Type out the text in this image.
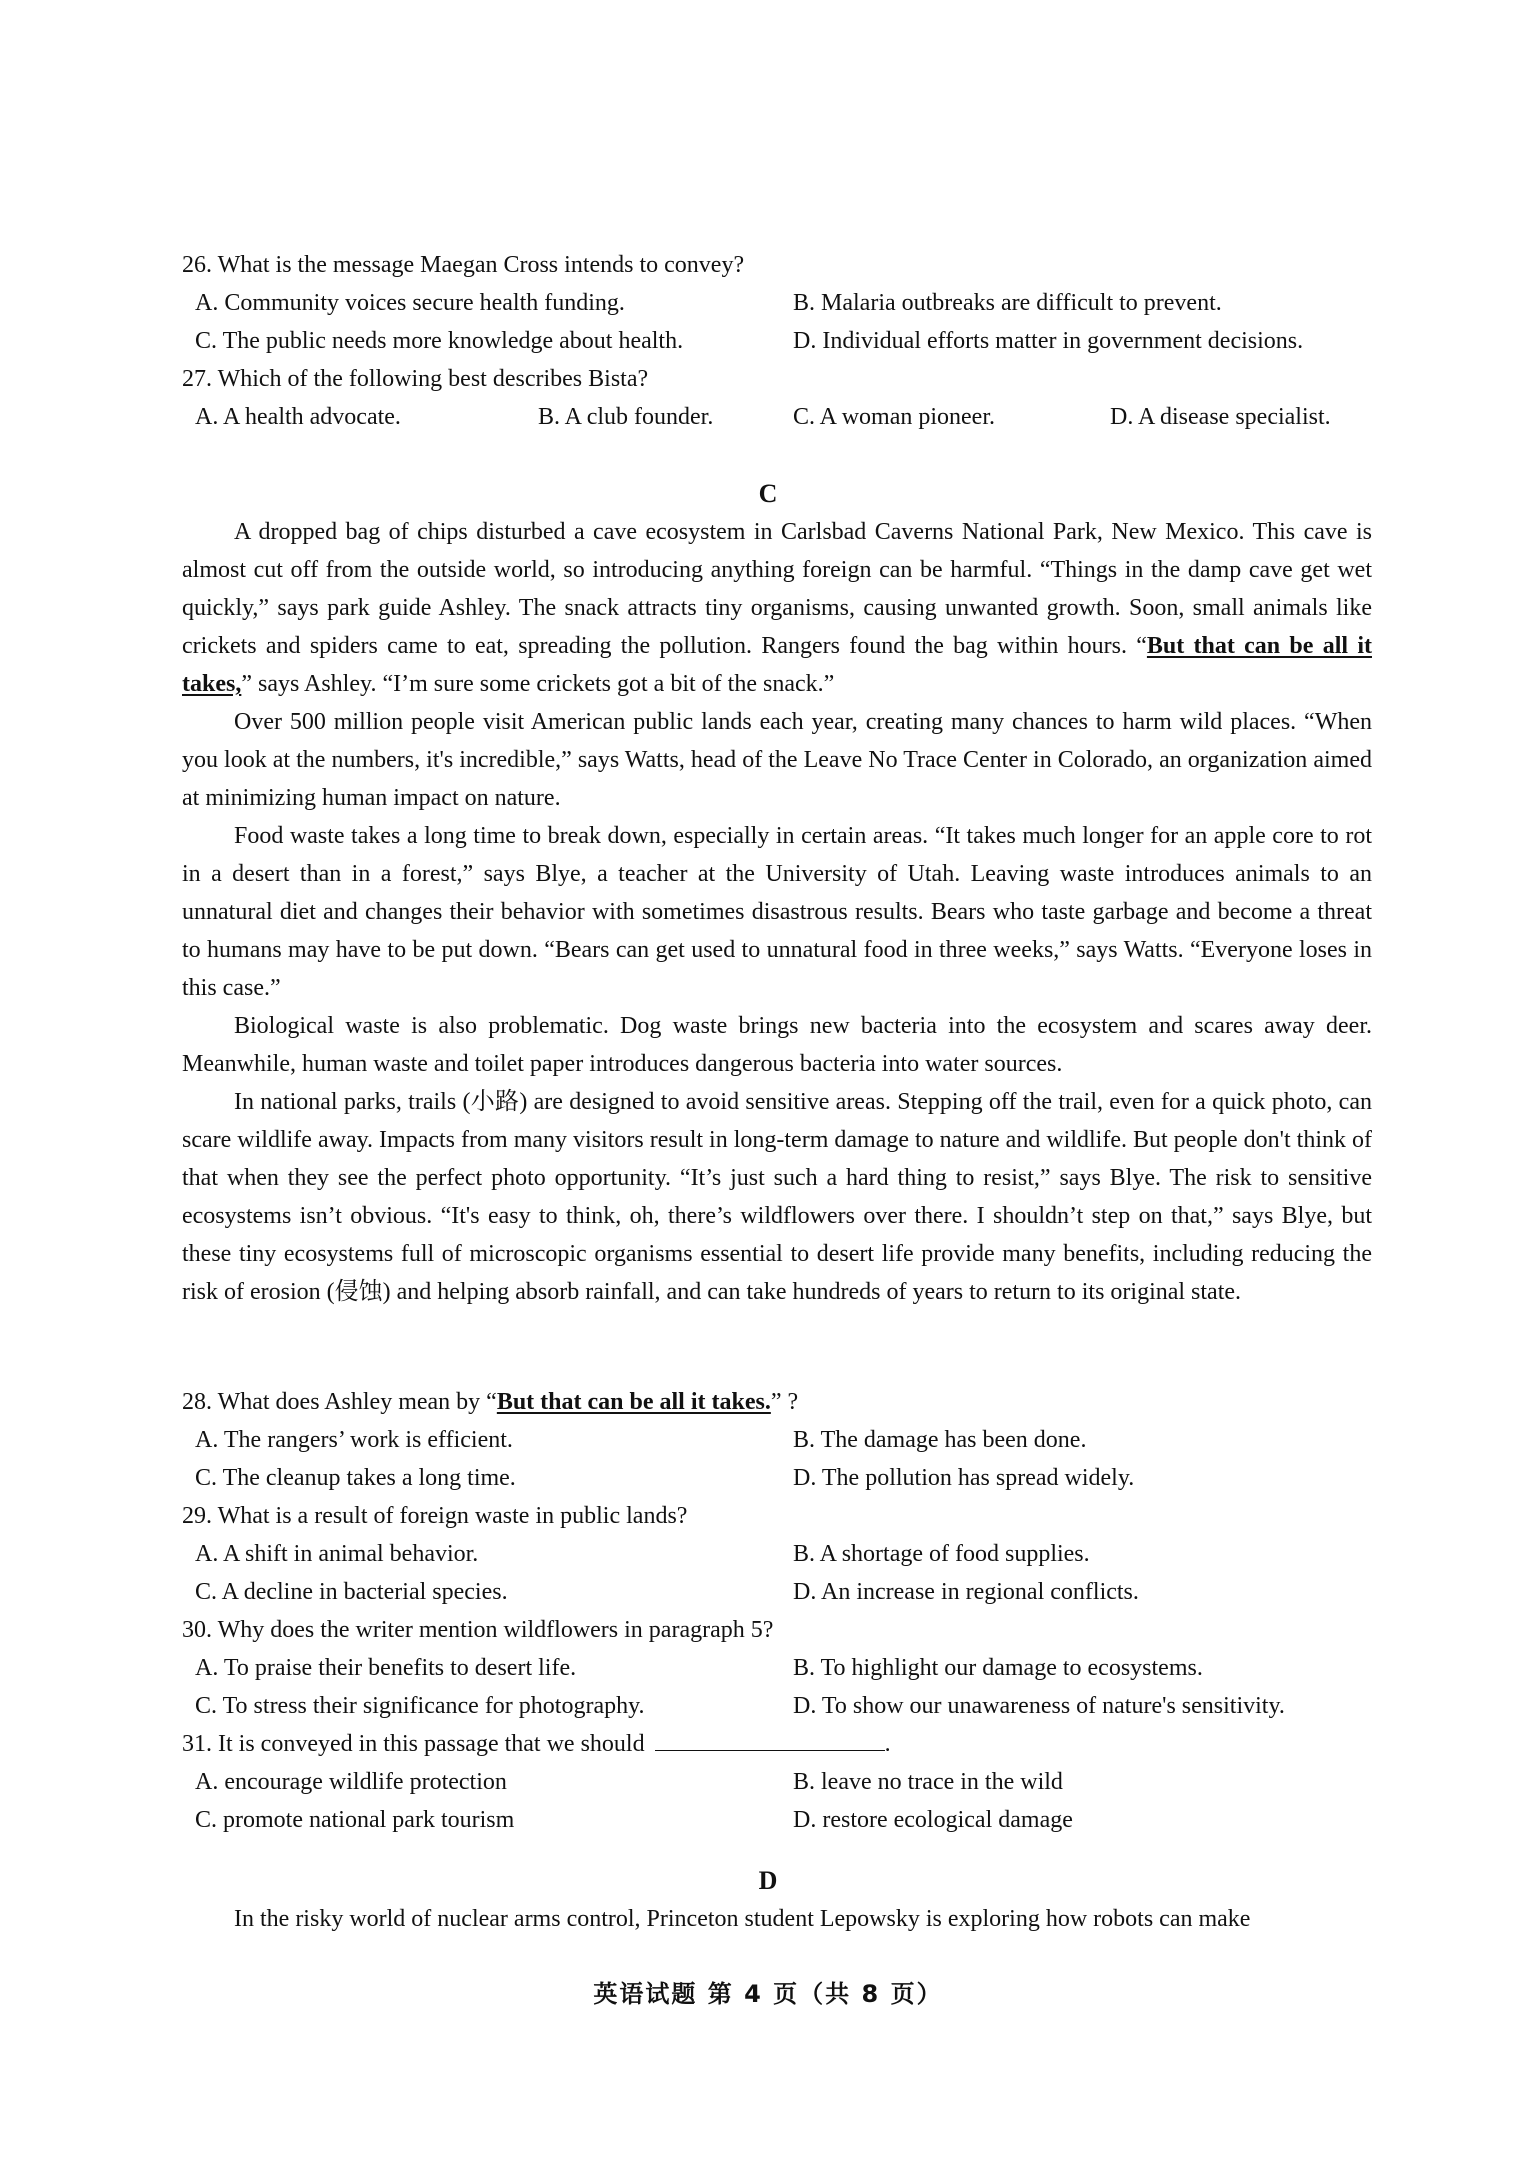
26. What is the message Maegan Cross intends to convey?
A. Community voices secure health funding.	B. Malaria outbreaks are difficult to prevent.
C. The public needs more knowledge about health.	D. Individual efforts matter in government decisions.
27. Which of the following best describes Bista?
A. A health advocate.	B. A club founder.	C. A woman pioneer.	D. A disease specialist.
C

A dropped bag of chips disturbed a cave ecosystem in Carlsbad Caverns National Park, New Mexico. This cave is almost cut off from the outside world, so introducing anything foreign can be harmful. “Things in the damp cave get wet quickly,” says park guide Ashley. The snack attracts tiny organisms, causing unwanted growth. Soon, small animals like crickets and spiders came to eat, spreading the pollution. Rangers found the bag within hours. “But that can be all it takes,” says Ashley. “I’m sure some crickets got a bit of the snack.”

Over 500 million people visit American public lands each year, creating many chances to harm wild places. “When you look at the numbers, it's incredible,” says Watts, head of the Leave No Trace Center in Colorado, an organization aimed at minimizing human impact on nature.

Food waste takes a long time to break down, especially in certain areas. “It takes much longer for an apple core to rot in a desert than in a forest,” says Blye, a teacher at the University of Utah. Leaving waste introduces animals to an unnatural diet and changes their behavior with sometimes disastrous results. Bears who taste garbage and become a threat to humans may have to be put down. “Bears can get used to unnatural food in three weeks,” says Watts. “Everyone loses in this case.”

Biological waste is also problematic. Dog waste brings new bacteria into the ecosystem and scares away deer. Meanwhile, human waste and toilet paper introduces dangerous bacteria into water sources.

In national parks, trails (小路) are designed to avoid sensitive areas. Stepping off the trail, even for a quick photo, can scare wildlife away. Impacts from many visitors result in long-term damage to nature and wildlife. But people don't think of that when they see the perfect photo opportunity. “It’s just such a hard thing to resist,” says Blye. The risk to sensitive ecosystems isn’t obvious. “It's easy to think, oh, there’s wildflowers over there. I shouldn’t step on that,” says Blye, but these tiny ecosystems full of microscopic organisms essential to desert life provide many benefits, including reducing the risk of erosion (侵蚀) and helping absorb rainfall, and can take hundreds of years to return to its original state.

28. What does Ashley mean by “But that can be all it takes.” ?
A. The rangers’ work is efficient.	B. The damage has been done.
C. The cleanup takes a long time.	D. The pollution has spread widely.
29. What is a result of foreign waste in public lands?
A. A shift in animal behavior.	B. A shortage of food supplies.
C. A decline in bacterial species.	D. An increase in regional conflicts.
30. Why does the writer mention wildflowers in paragraph 5?
A. To praise their benefits to desert life.	B. To highlight our damage to ecosystems.
C. To stress their significance for photography.	D. To show our unawareness of nature's sensitivity.
31. It is conveyed in this passage that we should	.
A. encourage wildlife protection	B. leave no trace in the wild
C. promote national park tourism	D. restore ecological damage
D

In the risky world of nuclear arms control, Princeton student Lepowsky is exploring how robots can make

英语试题 第 4 页（共 8 页）
